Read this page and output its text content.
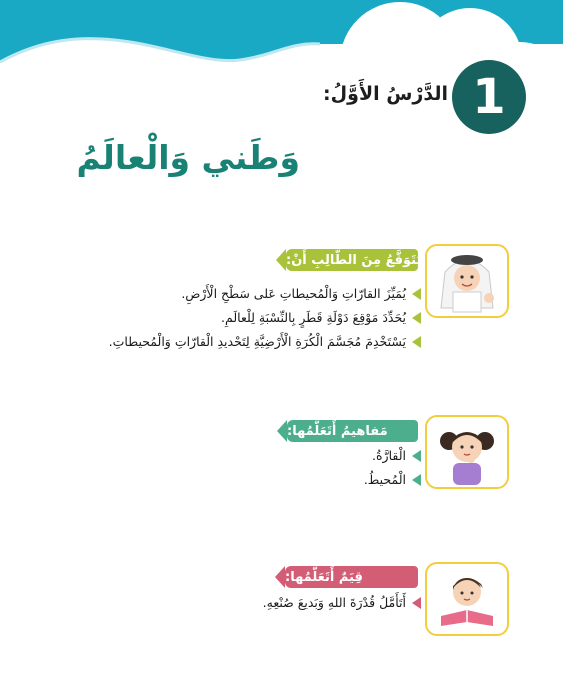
1
الدَّرْسُ الأَوَّلُ:
وَطَني وَالْعالَمُ
يُتَوَقَّعُ مِنَ الطّالِبِ أَنْ:
يُمَيِّزَ القارّاتِ وَالْمُحيطاتِ عَلى سَطْحِ الْأَرْضِ.
يُحَدِّدَ مَوْقِعَ دَوْلَةِ قَطَرٍ بِالنِّسْبَةِ لِلْعالَمِ.
يَسْتَخْدِمَ مُجَسَّمَ الْكُرَةِ الْأَرْضِيَّةِ لِتَحْديدِ الْقارّاتِ وَالْمُحيطاتِ.
مَفاهيمُ أَتَعَلَّمُها:
الْقارَّةُ.
الْمُحيطُ.
قِيَمٌ أَتَعَلَّمُها:
أَتَأَمَّلُ قُدْرَةَ اللهِ وَبَديعَ صُنْعِهِ.
